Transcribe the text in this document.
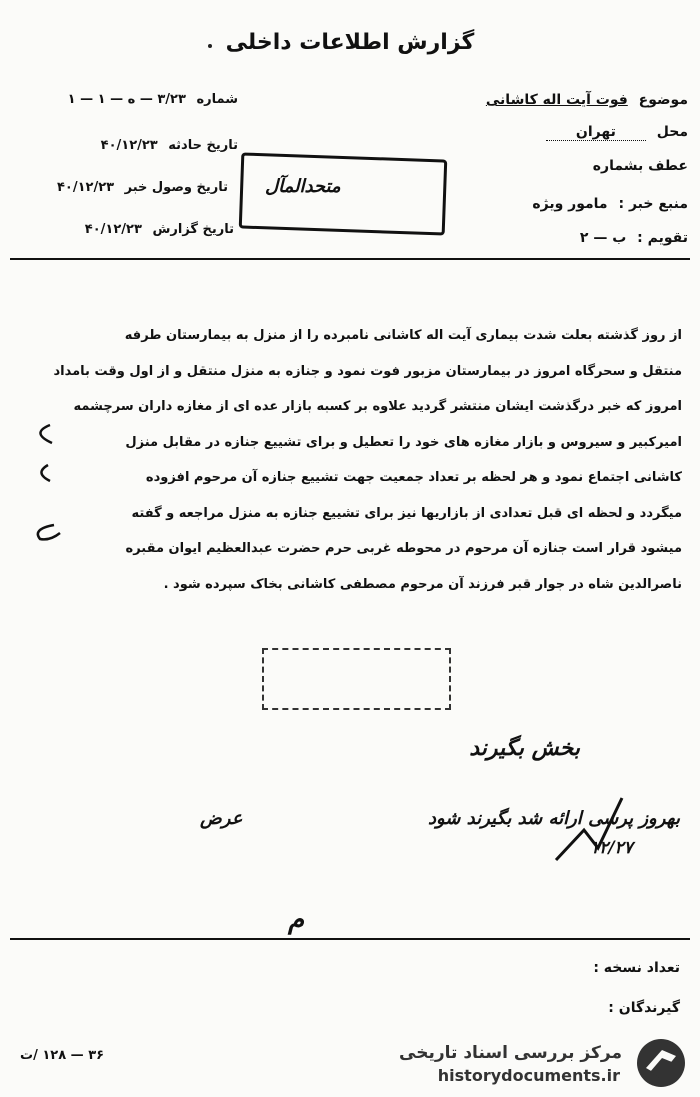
گزارش اطلاعات داخلی
موضوع فوت آیت اله کاشانی
محل تهران
عطف بشماره
منبع خبر : مامور ویژه
تقویم : ب — ۲
شماره ۳/۲۳ — ه — ۱ — ۱
تاریخ حادثه ۴۰/۱۲/۲۳
تاریخ وصول خبر ۴۰/۱۲/۲۳
تاریخ گزارش ۴۰/۱۲/۲۳
متحدالمآل
از روز گذشته بعلت شدت بیماری آیت اله کاشانی نامبرده را از منزل به بیمارستان طرفه
منتقل و سحرگاه امروز در بیمارستان مزبور فوت نمود و جنازه به منزل منتقل و از اول وقت بامداد
امروز که خبر درگذشت ایشان منتشر گردید علاوه بر کسبه بازار عده ای از مغازه داران سرچشمه
امیرکبیر و سیروس و بازار مغازه های خود را تعطیل و برای تشییع جنازه در مقابل منزل
کاشانی اجتماع نمود و هر لحظه بر تعداد جمعیت جهت تشییع جنازه آن مرحوم افزوده
میگردد و لحظه ای قبل تعدادی از بازاریها نیز برای تشییع جنازه به منزل مراجعه و گفته
میشود قرار است جنازه آن مرحوم در محوطه غربی حرم حضرت عبدالعظیم ایوان مقبره
ناصرالدین شاه در جوار قبر فرزند آن مرحوم مصطفی کاشانی بخاک سپرده شود .
بخش بگیرند
بهروز پرسی ارائه شد بگیرند شود
۱۲/۲۷
عرض
م
تعداد نسخه :
گیرندگان :
۳۶ — ۱۲۸ /ت	مرکز بررسی اسناد تاریخی
historydocuments.ir
